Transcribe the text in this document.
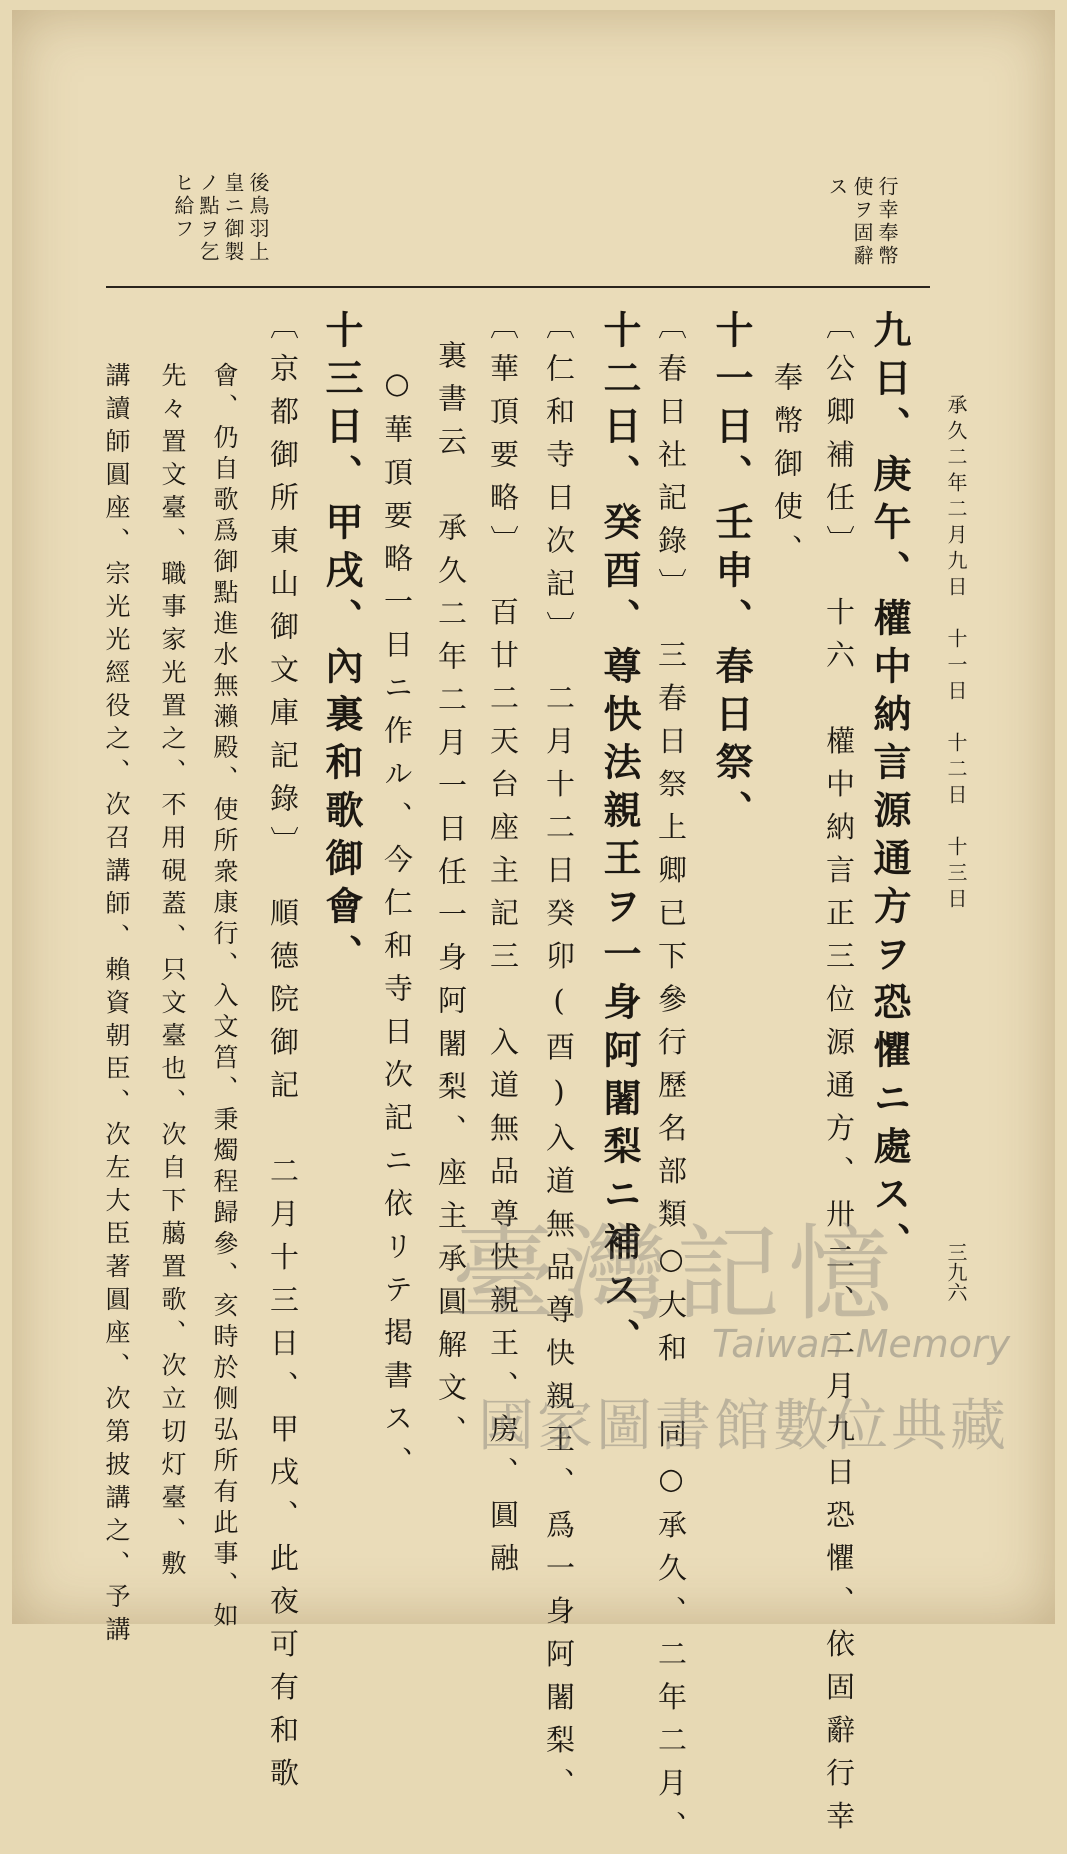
承久二年二月九日　十一日　十二日　十三日
三九六
行幸奉幣使ヲ固辭ス
後鳥羽上皇ニ御製ノ點ヲ乞ヒ給フ
九日、庚午、權中納言源通方ヲ恐懼ニ處ス、
〔公卿補任〕　十六　權中納言正三位源通方、卅二、二月九日恐懼、依固辭行幸
奉幣御使、
十一日、壬申、春日祭、
〔春日社記錄〕　三春日祭上卿已下參行歷名部類○大和　同○承久、二年二月、
十二日、癸酉、尊快法親王ヲ一身阿闍梨ニ補ス、
〔仁和寺日次記〕　二月十二日癸卯(酉)入道無品尊快親王、爲一身阿闍梨、
〔華頂要略〕　百廿二天台座主記三　入道無品尊快親王、房、圓融
裏書云　承久二年二月一日任一身阿闍梨、座主承圓解文、
○華頂要略一日ニ作ル、今仁和寺日次記ニ依リテ掲書ス、
十三日、甲戌、內裏和歌御會、
〔京都御所東山御文庫記錄〕　順德院御記　二月十三日、甲戌、此夜可有和歌
會、仍自歌爲御點進水無瀨殿、使所衆康行、入文筥、秉燭程歸參、亥時於侧弘所有此事、如
先々置文臺、職事家光置之、不用硯蓋、只文臺也、次自下﨟置歌、次立切灯臺、敷
講讀師圓座、宗光光經役之、次召講師、賴資朝臣、次左大臣著圓座、次第披講之、予講	臺灣記憶
Taiwan Memory
國家圖書館數位典藏
